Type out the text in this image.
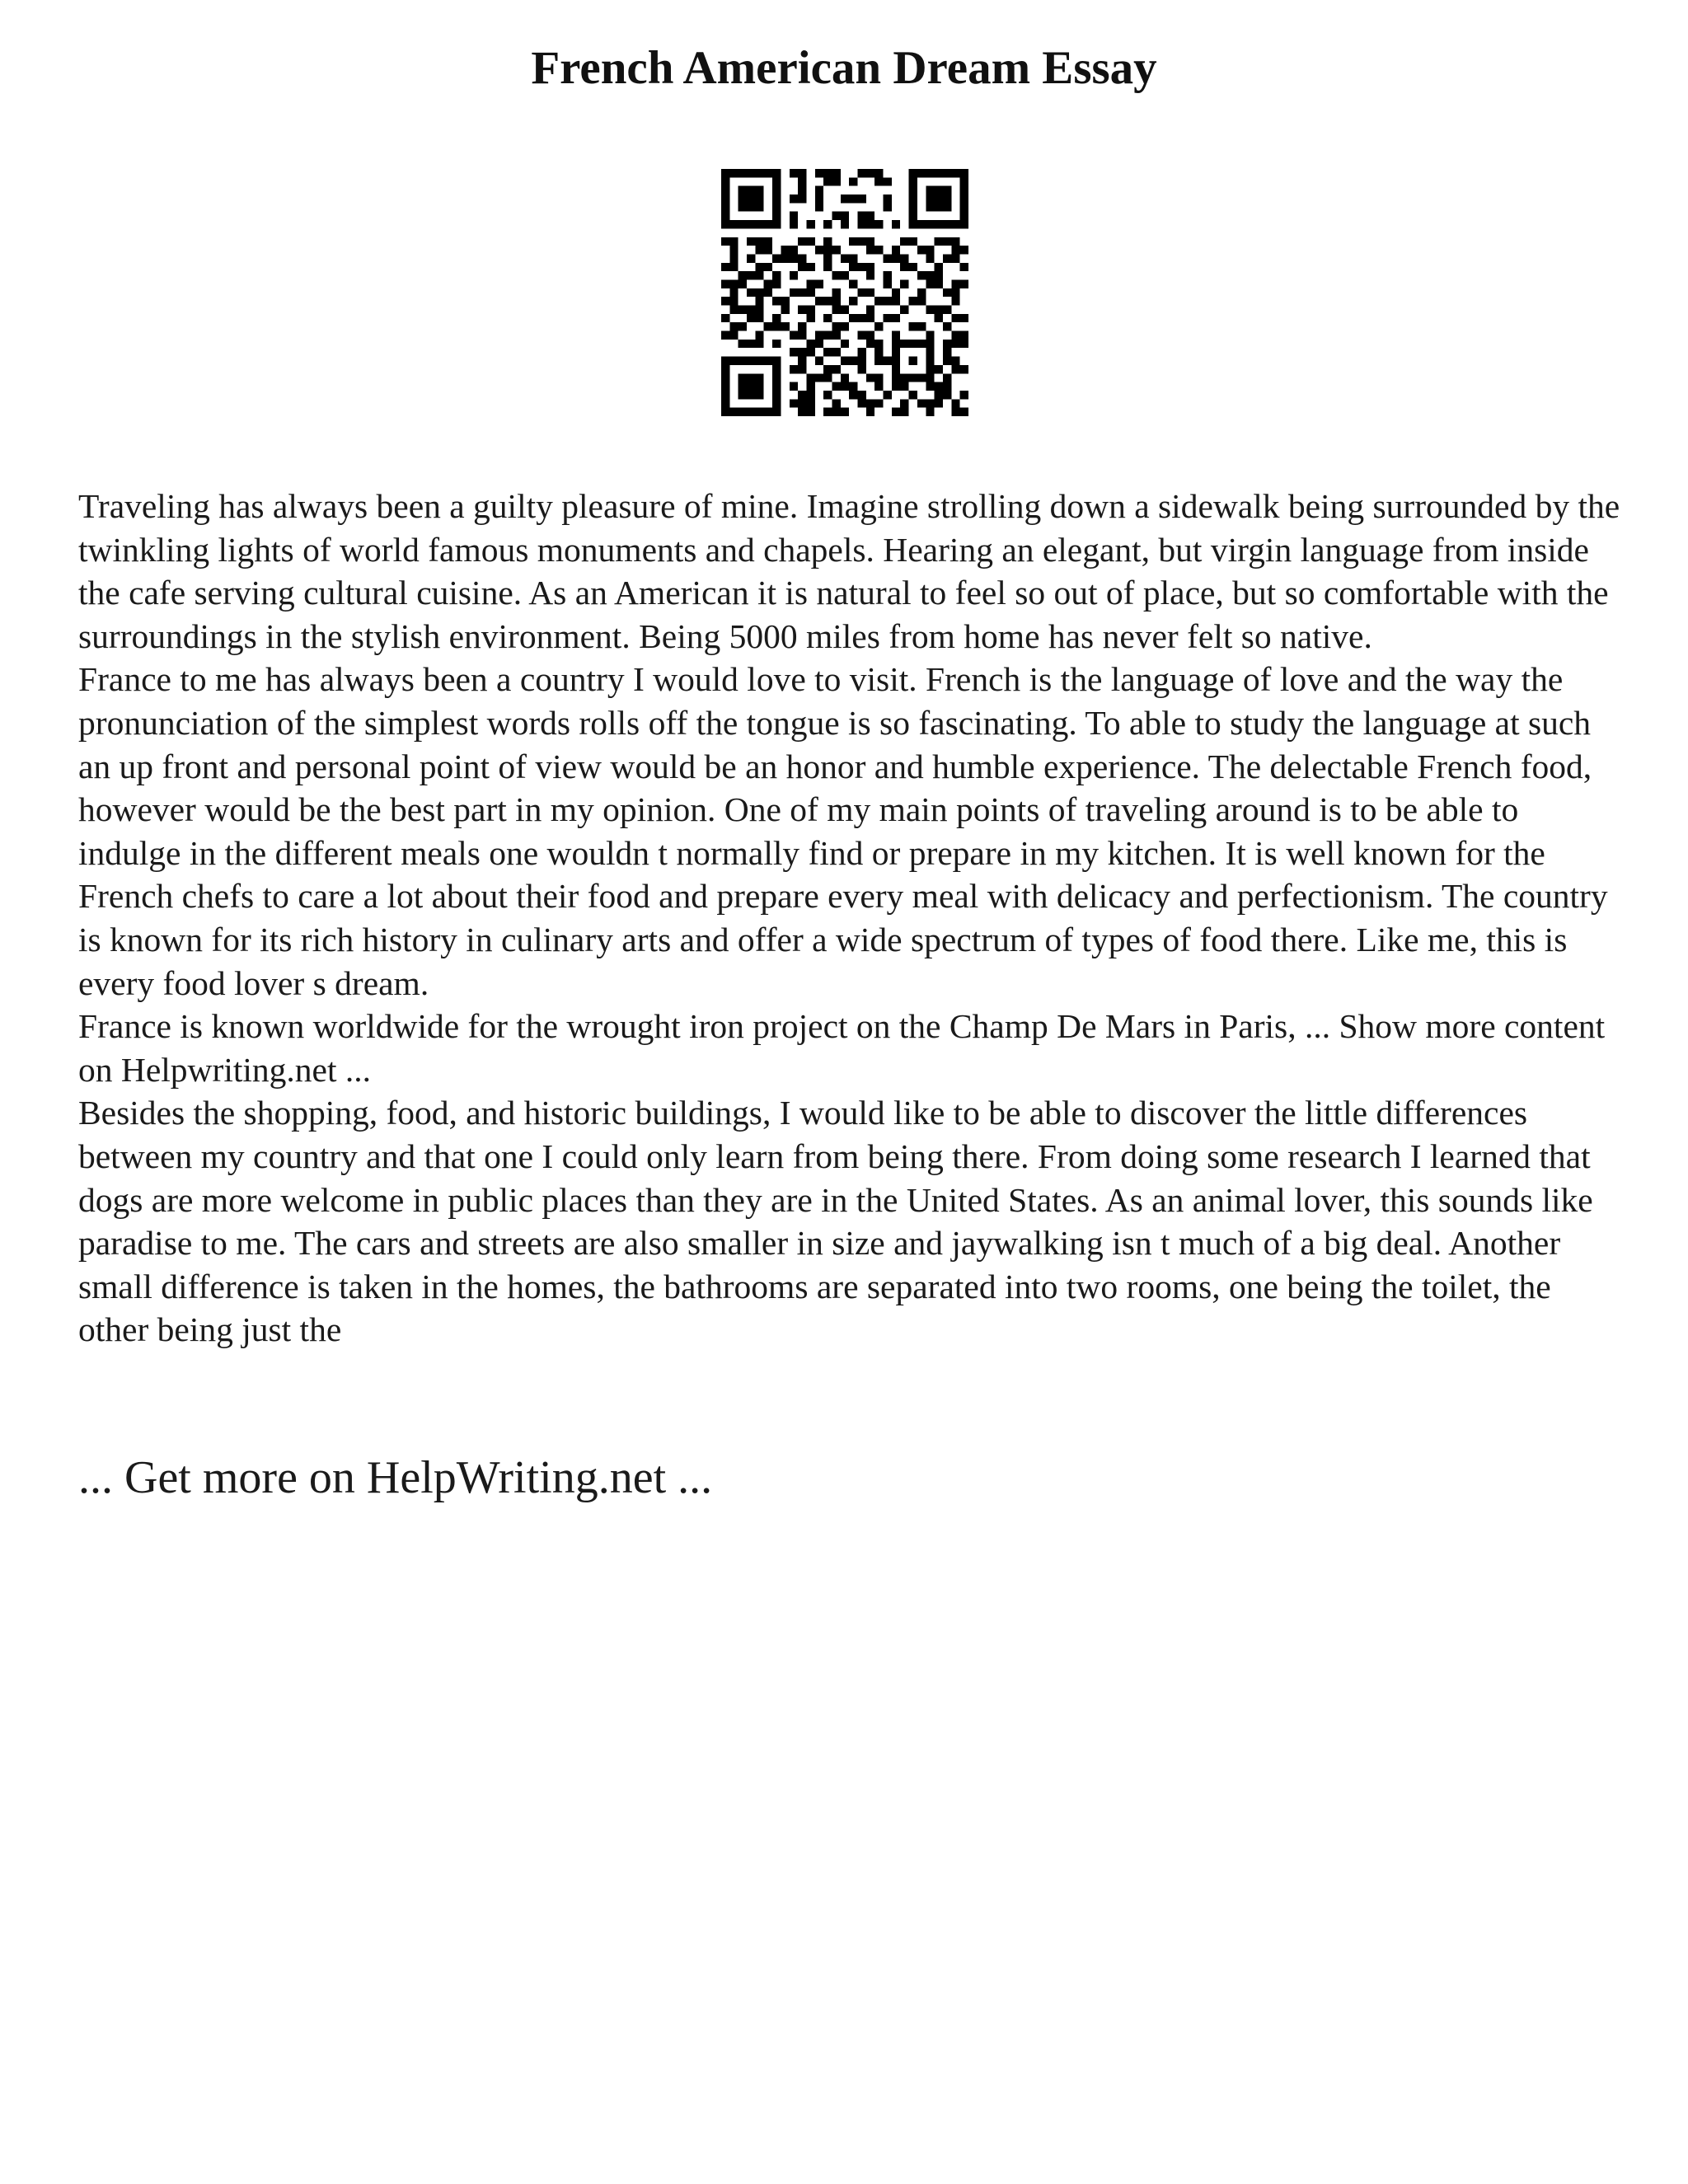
French American Dream Essay

Traveling has always been a guilty pleasure of mine. Imagine strolling down a sidewalk being surrounded by the twinkling lights of world famous monuments and chapels. Hearing an elegant, but virgin language from inside the cafe serving cultural cuisine. As an American it is natural to feel so out of place, but so comfortable with the surroundings in the stylish environment. Being 5000 miles from home has never felt so native.

France to me has always been a country I would love to visit. French is the language of love and the way the pronunciation of the simplest words rolls off the tongue is so fascinating. To able to study the language at such an up front and personal point of view would be an honor and humble experience. The delectable French food, however would be the best part in my opinion. One of my main points of traveling around is to be able to indulge in the different meals one wouldn t normally find or prepare in my kitchen. It is well known for the French chefs to care a lot about their food and prepare every meal with delicacy and perfectionism. The country is known for its rich history in culinary arts and offer a wide spectrum of types of food there. Like me, this is every food lover s dream.

France is known worldwide for the wrought iron project on the Champ De Mars in Paris, ... Show more content on Helpwriting.net ...

Besides the shopping, food, and historic buildings, I would like to be able to discover the little differences between my country and that one I could only learn from being there. From doing some research I learned that dogs are more welcome in public places than they are in the United States. As an animal lover, this sounds like paradise to me. The cars and streets are also smaller in size and jaywalking isn t much of a big deal. Another small difference is taken in the homes, the bathrooms are separated into two rooms, one being the toilet, the other being just the

... Get more on HelpWriting.net ...
